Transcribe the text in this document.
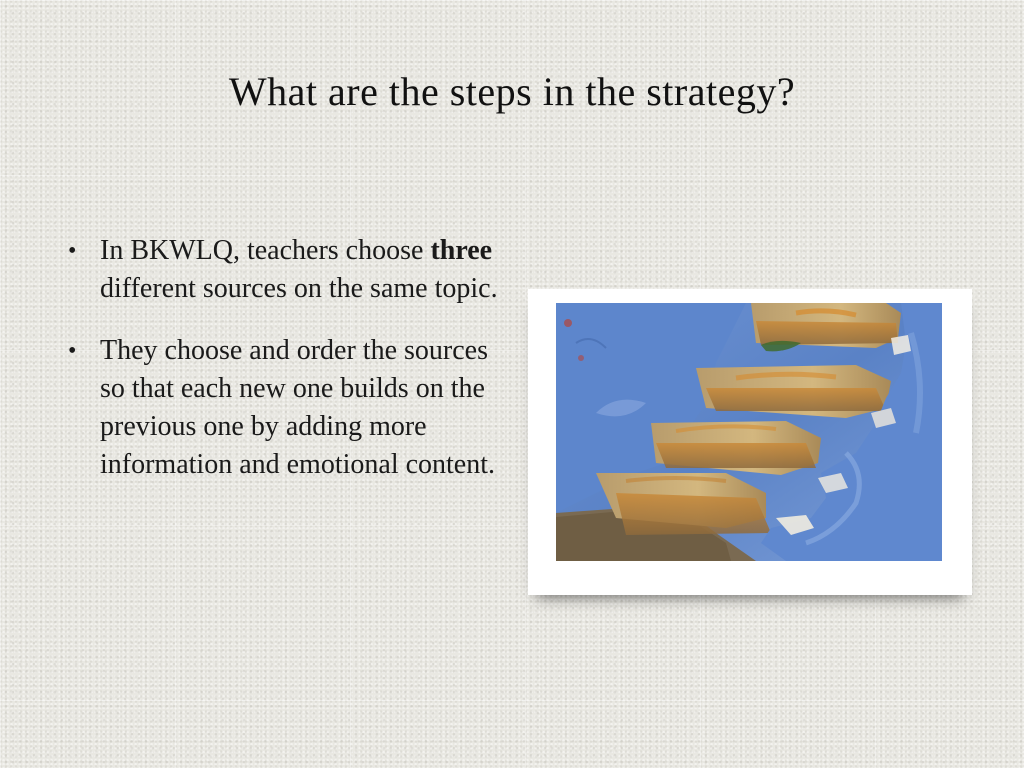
What are the steps in the strategy?
• In BKWLQ, teachers choose three different sources on the same topic.
• They choose and order the sources so that each new one builds on the previous one by adding more information and emotional content.
